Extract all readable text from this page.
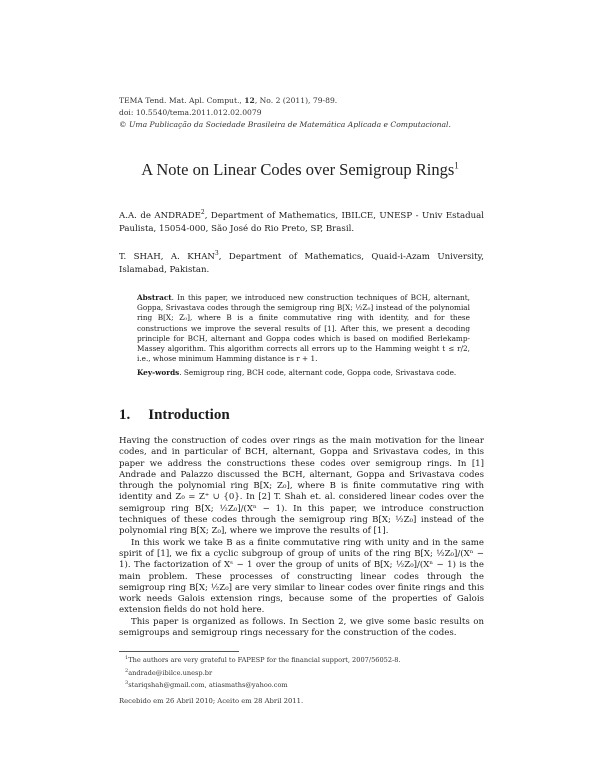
TEMA Tend. Mat. Apl. Comput., 12, No. 2 (2011), 79-89.
doi: 10.5540/tema.2011.012.02.0079
© Uma Publicação da Sociedade Brasileira de Matemática Aplicada e Computacional.
A Note on Linear Codes over Semigroup Rings$^1$

A.A. de ANDRADE$^2$, Department of Mathematics, IBILCE, UNESP - Univ Estadual Paulista, 15054-000, São José do Rio Preto, SP, Brasil.

T. SHAH, A. KHAN$^3$, Department of Mathematics, Quaid-i-Azam University, Islamabad, Pakistan.

Abstract. In this paper, we introduced new construction techniques of BCH, alternant, Goppa, Srivastava codes through the semigroup ring B[X; ½Z₀] instead of the polynomial ring B[X; Z₀], where B is a finite commutative ring with identity, and for these constructions we improve the several results of [1]. After this, we present a decoding principle for BCH, alternant and Goppa codes which is based on modified Berlekamp-Massey algorithm. This algorithm corrects all errors up to the Hamming weight t ≤ r/2, i.e., whose minimum Hamming distance is r + 1.

Key-words. Semigroup ring, BCH code, alternant code, Goppa code, Srivastava code.

1. Introduction

Having the construction of codes over rings as the main motivation for the linear codes, and in particular of BCH, alternant, Goppa and Srivastava codes, in this paper we address the constructions these codes over semigroup rings. In [1] Andrade and Palazzo discussed the BCH, alternant, Goppa and Srivastava codes through the polynomial ring B[X; Z₀], where B is finite commutative ring with identity and Z₀ = Z⁺ ∪ {0}. In [2] T. Shah et. al. considered linear codes over the semigroup ring B[X; ½Z₀]/(Xⁿ − 1). In this paper, we introduce construction techniques of these codes through the semigroup ring B[X; ½Z₀] instead of the polynomial ring B[X; Z₀], where we improve the results of [1].

In this work we take B as a finite commutative ring with unity and in the same spirit of [1], we fix a cyclic subgroup of group of units of the ring B[X; ½Z₀]/(Xⁿ − 1). The factorization of Xˢ − 1 over the group of units of B[X; ½Z₀]/(Xⁿ − 1) is the main problem. These processes of constructing linear codes through the semigroup ring B[X; ½Z₀] are very similar to linear codes over finite rings and this work needs Galois extension rings, because some of the properties of Galois extension fields do not hold here.

This paper is organized as follows. In Section 2, we give some basic results on semigroups and semigroup rings necessary for the construction of the codes.

$^1$The authors are very grateful to FAPESP for the financial support, 2007/56052-8.
$^2$andrade@ibilce.unesp.br
$^3$stariqshah@gmail.com, atiasmaths@yahoo.com
Recebido em 26 Abril 2010; Aceito em 28 Abril 2011.
